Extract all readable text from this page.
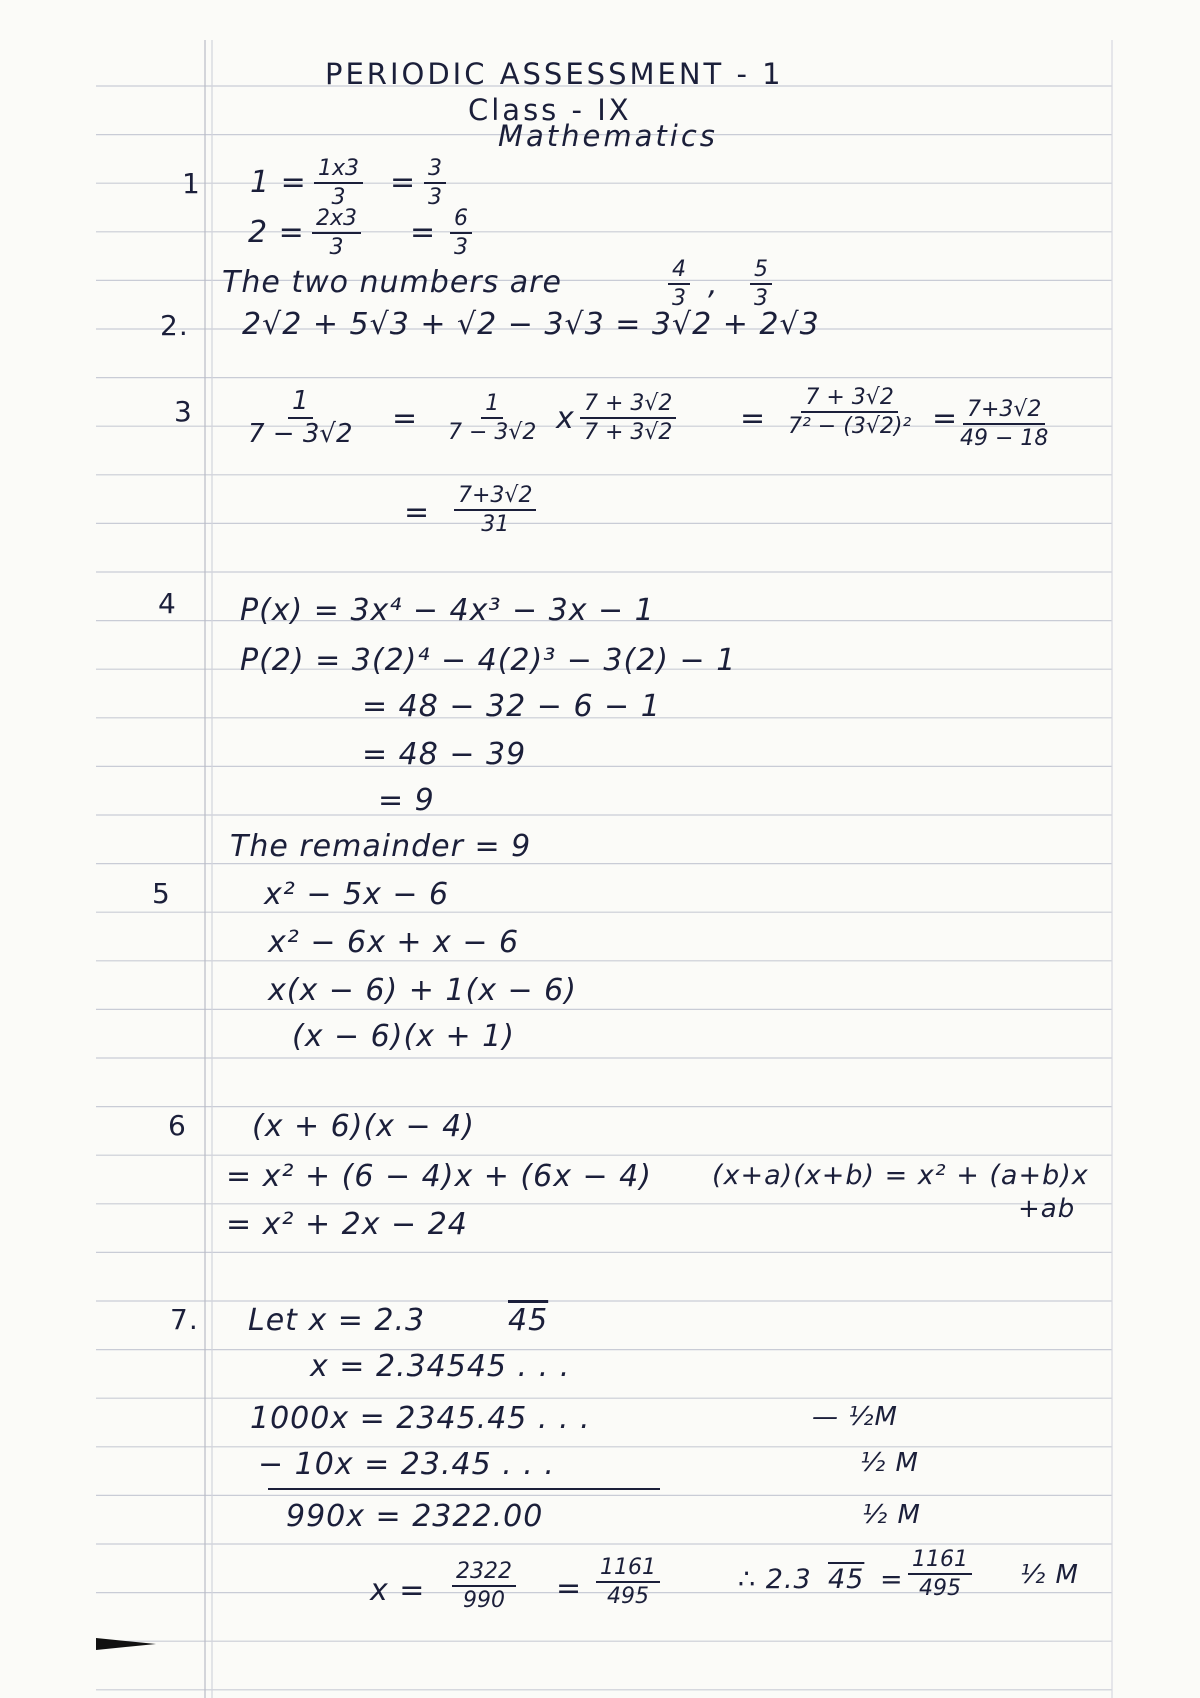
PERIODIC ASSESSMENT - 1
Class - IX
Mathematics
1 $1 = \frac{1x3}{3} = \frac{3}{3}$
$2 = \frac{2x3}{3} = \frac{6}{3}$
The two numbers are	$\frac{4}{3}$ , $\frac{5}{3}$
2. 2√2 + 5√3 + √2 − 3√3 = 3√2 + 2√3
$3 \frac{1}{7 - 3√2} = \frac{1}{7 - 3√2}$ x $\frac{7 + 3√2}{7 + 3√2} = \frac{7 + 3√2}{\text{7² − (3√2)²}} = \frac{7+3√2}{49 - 18}$
= $\frac{7+3√2}{31}$
4 P(x) = 3x⁴ − 4x³ − 3x − 1
P(2) = 3(2)⁴ − 4(2)³ − 3(2) − 1
= 48 − 32 − 6 − 1
= 48 − 39
= 9
The remainder = 9
5	x² − 5x − 6
x² − 6x + x − 6
x(x − 6) + 1(x − 6)
(x − 6)(x + 1)
6 (x + 6)(x − 4)
= x² + (6 − 4)x + (6x − 4)
= x² + 2x − 24
(x+a)(x+b) = x² + (a+b)x
+ab
7. Let x = 2.3	45
x = 2.34545 . . .
1000x = 2345.45 . . .
− 10x = 23.45 . . .
990x = 2322.00
— ½M
½ M
½ M
$x = \frac{2322}{990} = \frac{1161}{495}$	∴ 2.3 $45 = \frac{1161}{495}$ ½ M
